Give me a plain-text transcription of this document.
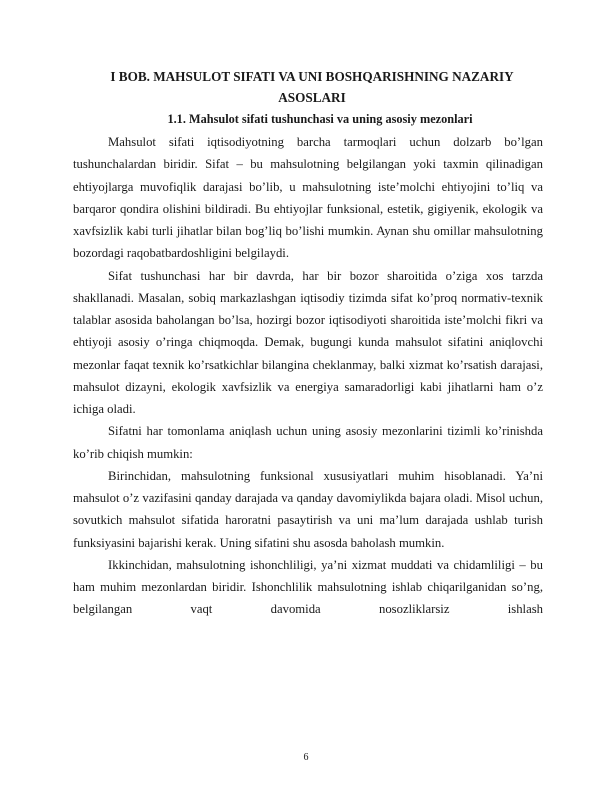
I BOB. MAHSULOT SIFATI VA UNI BOSHQARISHNING NAZARIY
ASOSLARI
1.1. Mahsulot sifati tushunchasi va uning asosiy mezonlari

Mahsulot sifati iqtisodiyotning barcha tarmoqlari uchun dolzarb bo’lgan tushunchalardan biridir. Sifat – bu mahsulotning belgilangan yoki taxmin qilinadigan ehtiyojlarga muvofiqlik darajasi bo’lib, u mahsulotning iste’molchi ehtiyojini to’liq va barqaror qondira olishini bildiradi. Bu ehtiyojlar funksional, estetik, gigiyenik, ekologik va xavfsizlik kabi turli jihatlar bilan bog’liq bo’lishi mumkin. Aynan shu omillar mahsulotning bozordagi raqobatbardoshligini belgilaydi.

Sifat tushunchasi har bir davrda, har bir bozor sharoitida o’ziga xos tarzda shakllanadi. Masalan, sobiq markazlashgan iqtisodiy tizimda sifat ko’proq normativ-texnik talablar asosida baholangan bo’lsa, hozirgi bozor iqtisodiyoti sharoitida iste’molchi fikri va ehtiyoji asosiy o’ringa chiqmoqda. Demak, bugungi kunda mahsulot sifatini aniqlovchi mezonlar faqat texnik ko’rsatkichlar bilangina cheklanmay, balki xizmat ko’rsatish darajasi, mahsulot dizayni, ekologik xavfsizlik va energiya samaradorligi kabi jihatlarni ham o’z ichiga oladi.

Sifatni har tomonlama aniqlash uchun uning asosiy mezonlarini tizimli ko’rinishda ko’rib chiqish mumkin:

Birinchidan, mahsulotning funksional xususiyatlari muhim hisoblanadi. Ya’ni mahsulot o’z vazifasini qanday darajada va qanday davomiylikda bajara oladi. Misol uchun, sovutkich mahsulot sifatida haroratni pasaytirish va uni ma’lum darajada ushlab turish funksiyasini bajarishi kerak. Uning sifatini shu asosda baholash mumkin.

Ikkinchidan, mahsulotning ishonchliligi, ya’ni xizmat muddati va chidamliligi – bu ham muhim mezonlardan biridir. Ishonchlilik mahsulotning ishlab chiqarilganidan so’ng, belgilangan vaqt davomida nosozliklarsiz ishlash

6
